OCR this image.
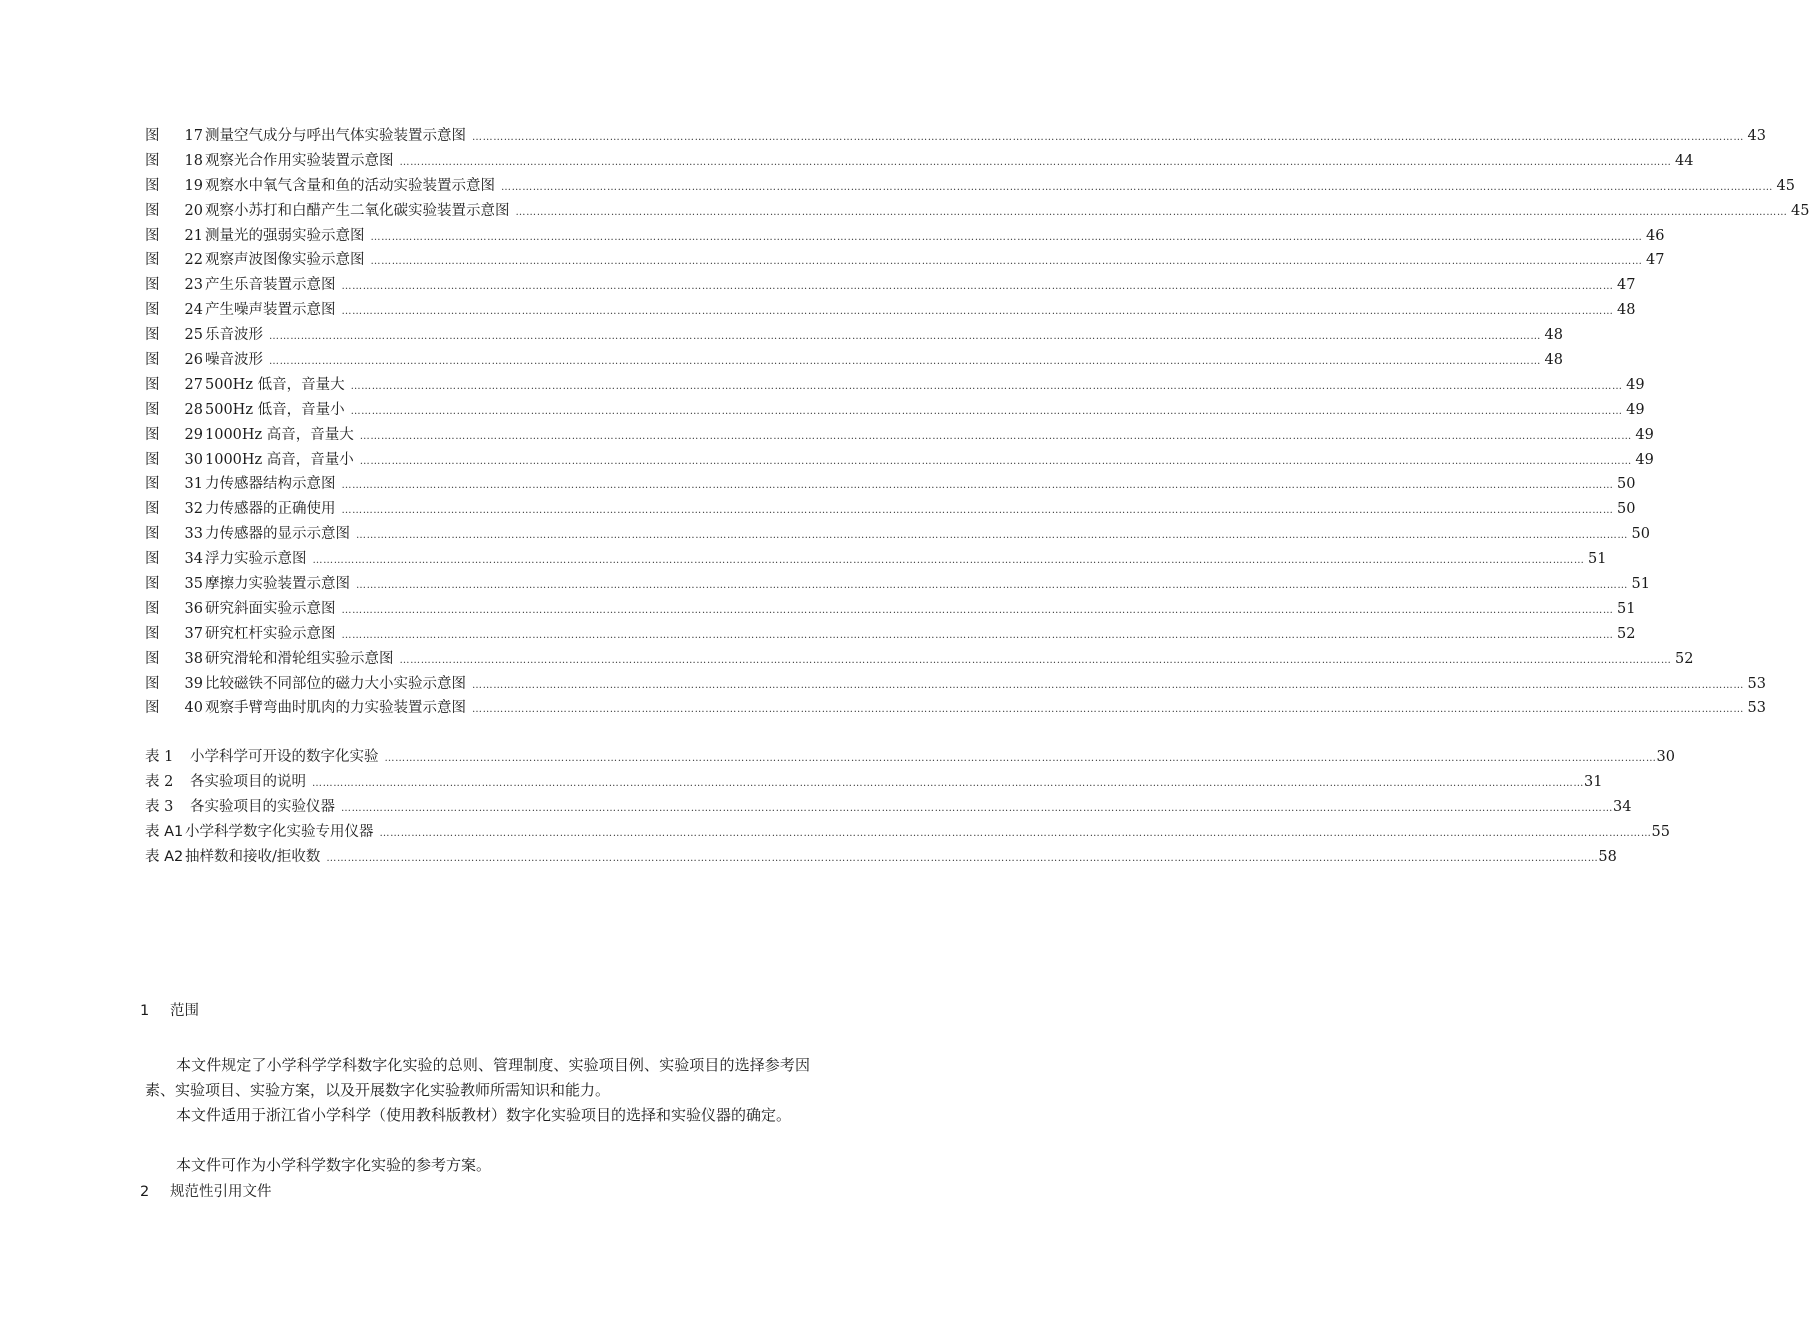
图 17 测量空气成分与呼出气体实验装置示意图 ……………………………………………………………………………………………………………………………………………………………………………………………………………………………………………………………………………………………………………………………… 43
图 18 观察光合作用实验装置示意图 ……………………………………………………………………………………………………………………………………………………………………………………………………………………………………………………………………………………………………………………………… 44
图 19 观察水中氧气含量和鱼的活动实验装置示意图 ……………………………………………………………………………………………………………………………………………………………………………………………………………………………………………………………………………………………………………………………… 45
图 20 观察小苏打和白醋产生二氧化碳实验装置示意图 ……………………………………………………………………………………………………………………………………………………………………………………………………………………………………………………………………………………………………………………………… 45
图 21 测量光的强弱实验示意图 ……………………………………………………………………………………………………………………………………………………………………………………………………………………………………………………………………………………………………………………………… 46
图 22 观察声波图像实验示意图 ……………………………………………………………………………………………………………………………………………………………………………………………………………………………………………………………………………………………………………………………… 47
图 23 产生乐音装置示意图 ……………………………………………………………………………………………………………………………………………………………………………………………………………………………………………………………………………………………………………………………… 47
图 24 产生噪声装置示意图 ……………………………………………………………………………………………………………………………………………………………………………………………………………………………………………………………………………………………………………………………… 48
图 25 乐音波形 ……………………………………………………………………………………………………………………………………………………………………………………………………………………………………………………………………………………………………………………………… 48
图 26 噪音波形 ……………………………………………………………………………………………………………………………………………………………………………………………………………………………………………………………………………………………………………………………… 48
图 27 500Hz 低音，音量大 ……………………………………………………………………………………………………………………………………………………………………………………………………………………………………………………………………………………………………………………………… 49
图 28 500Hz 低音，音量小 ……………………………………………………………………………………………………………………………………………………………………………………………………………………………………………………………………………………………………………………………… 49
图 29 1000Hz 高音，音量大 ……………………………………………………………………………………………………………………………………………………………………………………………………………………………………………………………………………………………………………………………… 49
图 30 1000Hz 高音，音量小 ……………………………………………………………………………………………………………………………………………………………………………………………………………………………………………………………………………………………………………………………… 49
图 31 力传感器结构示意图 ……………………………………………………………………………………………………………………………………………………………………………………………………………………………………………………………………………………………………………………………… 50
图 32 力传感器的正确使用 ……………………………………………………………………………………………………………………………………………………………………………………………………………………………………………………………………………………………………………………………… 50
图 33 力传感器的显示示意图 ……………………………………………………………………………………………………………………………………………………………………………………………………………………………………………………………………………………………………………………………… 50
图 34 浮力实验示意图 ……………………………………………………………………………………………………………………………………………………………………………………………………………………………………………………………………………………………………………………………… 51
图 35 摩擦力实验装置示意图 ……………………………………………………………………………………………………………………………………………………………………………………………………………………………………………………………………………………………………………………………… 51
图 36 研究斜面实验示意图 ……………………………………………………………………………………………………………………………………………………………………………………………………………………………………………………………………………………………………………………………… 51
图 37 研究杠杆实验示意图 ……………………………………………………………………………………………………………………………………………………………………………………………………………………………………………………………………………………………………………………………… 52
图 38 研究滑轮和滑轮组实验示意图 ……………………………………………………………………………………………………………………………………………………………………………………………………………………………………………………………………………………………………………………………… 52
图 39 比较磁铁不同部位的磁力大小实验示意图 ……………………………………………………………………………………………………………………………………………………………………………………………………………………………………………………………………………………………………………………………… 53
图 40 观察手臂弯曲时肌肉的力实验装置示意图 ……………………………………………………………………………………………………………………………………………………………………………………………………………………………………………………………………………………………………………………………… 53
表 1	小学科学可开设的数字化实验 ……………………………………………………………………………………………………………………………………………………………………………………………………………………………………………………………………………………………………………………………… 30
表 2	各实验项目的说明 ……………………………………………………………………………………………………………………………………………………………………………………………………………………………………………………………………………………………………………………………… 31
表 3	各实验项目的实验仪器 ……………………………………………………………………………………………………………………………………………………………………………………………………………………………………………………………………………………………………………………………… 34
表 A1 小学科学数字化实验专用仪器 ……………………………………………………………………………………………………………………………………………………………………………………………………………………………………………………………………………………………………………………………… 55
表 A2 抽样数和接收/拒收数 ……………………………………………………………………………………………………………………………………………………………………………………………………………………………………………………………………………………………………………………………… 58
1 范围
本文件规定了小学科学学科数字化实验的总则、管理制度、实验项目例、实验项目的选择参考因素、实验项目、实验方案，以及开展数字化实验教师所需知识和能力。
本文件适用于浙江省小学科学（使用教科版教材）数字化实验项目的选择和实验仪器的确定。
本文件可作为小学科学数字化实验的参考方案。
2 规范性引用文件
